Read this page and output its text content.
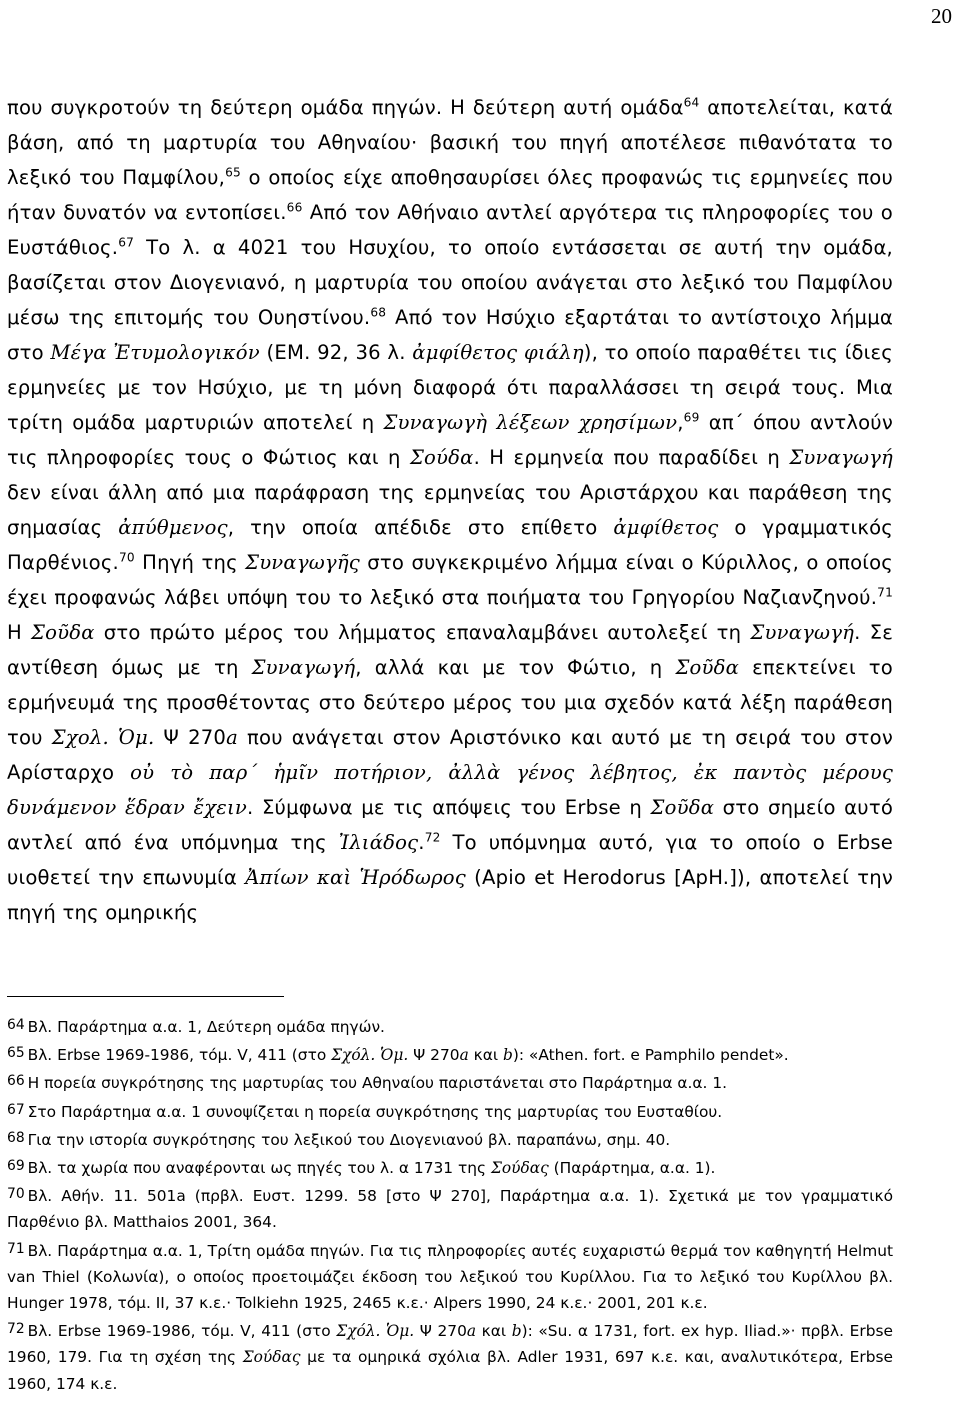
20
που συγκροτούν τη δεύτερη ομάδα πηγών. Η δεύτερη αυτή ομάδα$^{64}$ αποτελείται, κατά βάση, από τη μαρτυρία του Αθηναίου· βασική του πηγή αποτέλεσε πιθανότατα το λεξικό του Παμφίλου,$^{65}$ ο οποίος είχε αποθησαυρίσει όλες προφανώς τις ερμηνείες που ήταν δυνατόν να εντοπίσει.$^{66}$ Από τον Αθήναιο αντλεί αργότερα τις πληροφορίες του ο Ευστάθιος.$^{67}$ Το λ. α 4021 του Ησυχίου, το οποίο εντάσσεται σε αυτή την ομάδα, βασίζεται στον Διογενιανό, η μαρτυρία του οποίου ανάγεται στο λεξικό του Παμφίλου μέσω της επιτομής του Ουηστίνου.$^{68}$ Από τον Ησύχιο εξαρτάται το αντίστοιχο λήμμα στο Μέγα Ἐτυμολογικόν (EM. 92, 36 λ. ἀμφίθετος φιάλη), το οποίο παραθέτει τις ίδιες ερμηνείες με τον Ησύχιο, με τη μόνη διαφορά ότι παραλλάσσει τη σειρά τους. Μια τρίτη ομάδα μαρτυριών αποτελεί η Συναγωγὴ λέξεων χρησίμων,$^{69}$ απ΄ όπου αντλούν τις πληροφορίες τους ο Φώτιος και η Σούδα. Η ερμηνεία που παραδίδει η Συναγωγή δεν είναι άλλη από μια παράφραση της ερμηνείας του Αριστάρχου και παράθεση της σημασίας ἀπύθμενος, την οποία απέδιδε στο επίθετο ἀμφίθετος ο γραμματικός Παρθένιος.$^{70}$ Πηγή της Συναγωγῆς στο συγκεκριμένο λήμμα είναι ο Κύριλλος, ο οποίος έχει προφανώς λάβει υπόψη του το λεξικό στα ποιήματα του Γρηγορίου Ναζιανζηνού.$^{71}$ Η Σοῦδα στο πρώτο μέρος του λήμματος επαναλαμβάνει αυτολεξεί τη Συναγωγή. Σε αντίθεση όμως με τη Συναγωγή, αλλά και με τον Φώτιο, η Σοῦδα επεκτείνει το ερμήνευμά της προσθέτοντας στο δεύτερο μέρος του μια σχεδόν κατά λέξη παράθεση του Σχολ. Ὁμ. Ψ 270a που ανάγεται στον Αριστόνικο και αυτό με τη σειρά του στον Αρίσταρχο οὐ τὸ παρ΄ ἡμῖν ποτήριον, ἀλλὰ γένος λέβητος, ἐκ παντὸς μέρους δυνάμενον ἕδραν ἔχειν. Σύμφωνα με τις απόψεις του Erbse η Σοῦδα στο σημείο αυτό αντλεί από ένα υπόμνημα της Ἰλιάδος.$^{72}$ Το υπόμνημα αυτό, για το οποίο ο Erbse υιοθετεί την επωνυμία Ἀπίων καὶ Ἡρόδωρος (Apio et Herodorus [ApH.]), αποτελεί την πηγή της ομηρικής

64 Βλ. Παράρτημα α.α. 1, Δεύτερη ομάδα πηγών.

65 Βλ. Erbse 1969-1986, τόμ. V, 411 (στο Σχόλ. Ὁμ. Ψ 270a και b): «Athen. fort. e Pamphilo pendet».

66 Η πορεία συγκρότησης της μαρτυρίας του Αθηναίου παριστάνεται στο Παράρτημα α.α. 1.

67 Στο Παράρτημα α.α. 1 συνοψίζεται η πορεία συγκρότησης της μαρτυρίας του Ευσταθίου.

68 Για την ιστορία συγκρότησης του λεξικού του Διογενιανού βλ. παραπάνω, σημ. 40.

69 Βλ. τα χωρία που αναφέρονται ως πηγές του λ. α 1731 της Σούδας (Παράρτημα, α.α. 1).

70 Βλ. Αθήν. 11. 501a (πρβλ. Ευστ. 1299. 58 [στο Ψ 270], Παράρτημα α.α. 1). Σχετικά με τον γραμματικό Παρθένιο βλ. Matthaios 2001, 364.

71 Βλ. Παράρτημα α.α. 1, Τρίτη ομάδα πηγών. Για τις πληροφορίες αυτές ευχαριστώ θερμά τον καθηγητή Helmut van Thiel (Κολωνία), ο οποίος προετοιμάζει έκδοση του λεξικού του Κυρίλλου. Για το λεξικό του Κυρίλλου βλ. Hunger 1978, τόμ. ΙΙ, 37 κ.ε.· Tolkiehn 1925, 2465 κ.ε.· Alpers 1990, 24 κ.ε.· 2001, 201 κ.ε.

72 Βλ. Erbse 1969-1986, τόμ. V, 411 (στο Σχόλ. Ὁμ. Ψ 270a και b): «Su. α 1731, fort. ex hyp. Iliad.»· πρβλ. Erbse 1960, 179. Για τη σχέση της Σούδας με τα ομηρικά σχόλια βλ. Adler 1931, 697 κ.ε. και, αναλυτικότερα, Erbse 1960, 174 κ.ε.
